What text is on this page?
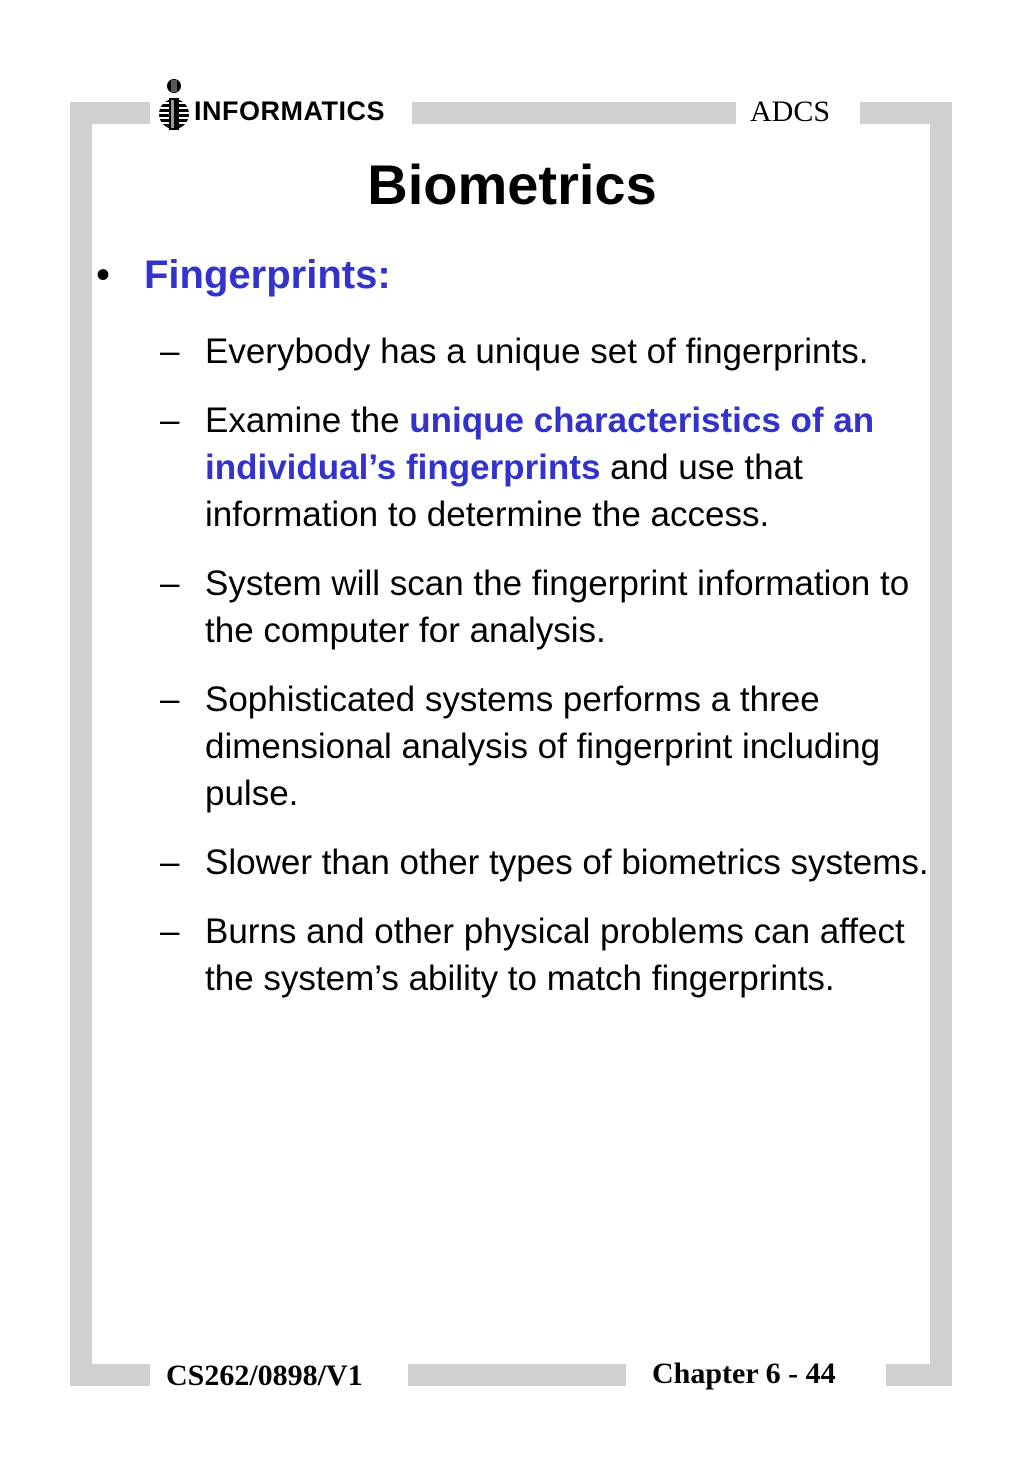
INFORMATICS	ADCS
Biometrics
• Fingerprints:
– Everybody has a unique set of fingerprints.
– Examine the unique characteristics of an individual’s fingerprints and use that information to determine the access.
– System will scan the fingerprint information to the computer for analysis.
– Sophisticated systems performs a three dimensional analysis of fingerprint including pulse.
– Slower than other types of biometrics systems.
– Burns and other physical problems can affect the system’s ability to match fingerprints.
CS262/0898/V1	Chapter 6 - 44
